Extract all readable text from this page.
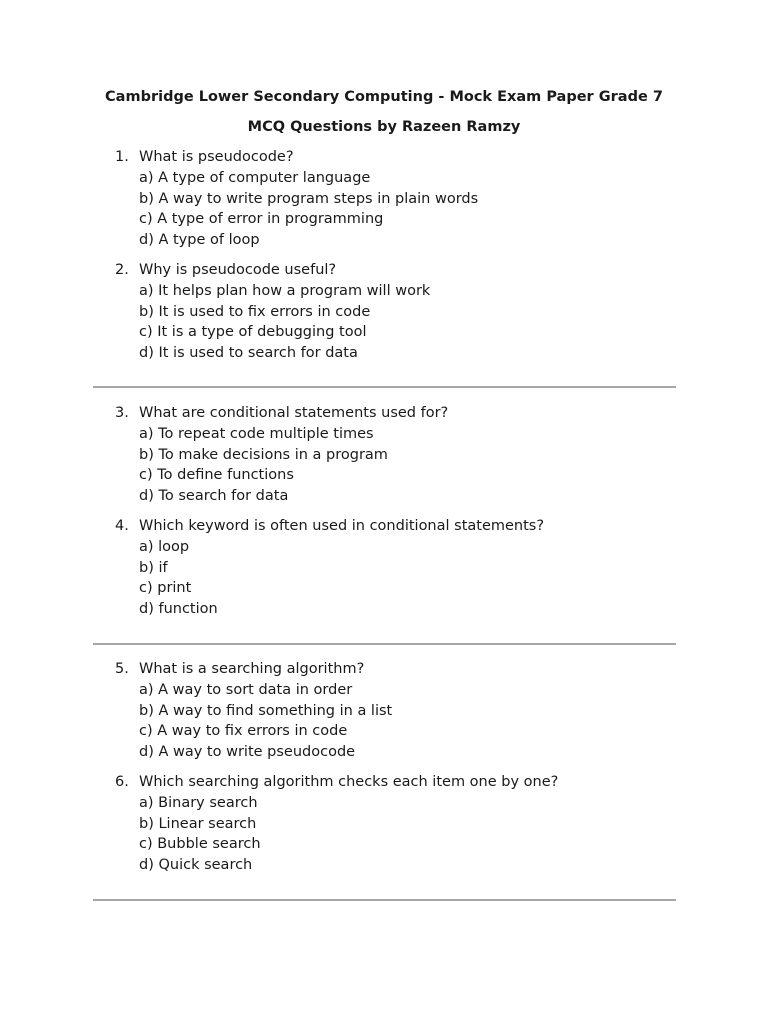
Cambridge Lower Secondary Computing - Mock Exam Paper Grade 7
MCQ Questions by Razeen Ramzy
1. What is pseudocode?
a) A type of computer language
b) A way to write program steps in plain words
c) A type of error in programming
d) A type of loop
2. Why is pseudocode useful?
a) It helps plan how a program will work
b) It is used to fix errors in code
c) It is a type of debugging tool
d) It is used to search for data
3. What are conditional statements used for?
a) To repeat code multiple times
b) To make decisions in a program
c) To define functions
d) To search for data
4. Which keyword is often used in conditional statements?
a) loop
b) if
c) print
d) function
5. What is a searching algorithm?
a) A way to sort data in order
b) A way to find something in a list
c) A way to fix errors in code
d) A way to write pseudocode
6. Which searching algorithm checks each item one by one?
a) Binary search
b) Linear search
c) Bubble search
d) Quick search
